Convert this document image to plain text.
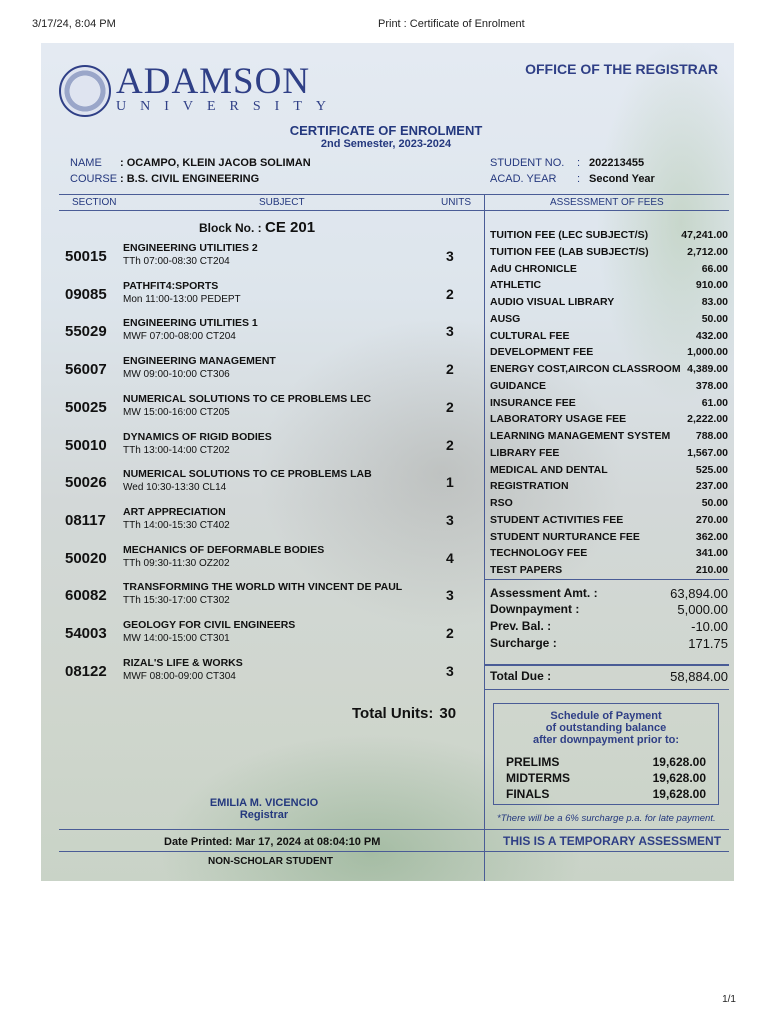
3/17/24, 8:04 PM	Print : Certificate of Enrolment
ADAMSON
UNIVERSITY
OFFICE OF THE REGISTRAR
CERTIFICATE OF ENROLMENT
2nd Semester, 2023-2024
NAME : OCAMPO, KLEIN JACOB SOLIMAN
COURSE : B.S. CIVIL ENGINEERING
STUDENT NO. : 202213455
ACAD. YEAR : Second Year
SECTION	SUBJECT	UNITS	ASSESSMENT OF FEES
Block No. : CE 201
50015 ENGINEERING UTILITIES 2
TTh 07:00-08:30 CT204	3
09085 PATHFIT4:SPORTS
Mon 11:00-13:00 PEDEPT	2
55029 ENGINEERING UTILITIES 1
MWF 07:00-08:00 CT204	3
56007 ENGINEERING MANAGEMENT
MW 09:00-10:00 CT306	2
50025 NUMERICAL SOLUTIONS TO CE PROBLEMS LEC
MW 15:00-16:00 CT205	2
50010 DYNAMICS OF RIGID BODIES
TTh 13:00-14:00 CT202	2
50026 NUMERICAL SOLUTIONS TO CE PROBLEMS LAB
Wed 10:30-13:30 CL14	1
08117 ART APPRECIATION
TTh 14:00-15:30 CT402	3
50020 MECHANICS OF DEFORMABLE BODIES
TTh 09:30-11:30 OZ202	4
60082 TRANSFORMING THE WORLD WITH VINCENT DE PAUL
TTh 15:30-17:00 CT302	3
54003 GEOLOGY FOR CIVIL ENGINEERS
MW 14:00-15:00 CT301	2
08122 RIZAL'S LIFE & WORKS
MWF 08:00-09:00 CT304	3
Total Units: 30
TUITION FEE (LEC SUBJECT/S)	47,241.00
TUITION FEE (LAB SUBJECT/S)	2,712.00
AdU CHRONICLE	66.00
ATHLETIC	910.00
AUDIO VISUAL LIBRARY	83.00
AUSG	50.00
CULTURAL FEE	432.00
DEVELOPMENT FEE	1,000.00
ENERGY COST,AIRCON CLASSROOM 4,389.00
GUIDANCE	378.00
INSURANCE FEE	61.00
LABORATORY USAGE FEE	2,222.00
LEARNING MANAGEMENT SYSTEM 788.00
LIBRARY FEE	1,567.00
MEDICAL AND DENTAL	525.00
REGISTRATION	237.00
RSO	50.00
STUDENT ACTIVITIES FEE	270.00
STUDENT NURTURANCE FEE	362.00
TECHNOLOGY FEE	341.00
TEST PAPERS	210.00
Assessment Amt. :	63,894.00
Downpayment :	5,000.00
Prev. Bal. :	-10.00
Surcharge :	171.75
Total Due :	58,884.00
Schedule of Payment
of outstanding balance
after downpayment prior to:
PRELIMS	19,628.00
MIDTERMS	19,628.00
FINALS	19,628.00
*There will be a 6% surcharge p.a. for late payment.
THIS IS A TEMPORARY ASSESSMENT
EMILIA M. VICENCIO
Registrar
Date Printed: Mar 17, 2024 at 08:04:10 PM
NON-SCHOLAR STUDENT
1/1
